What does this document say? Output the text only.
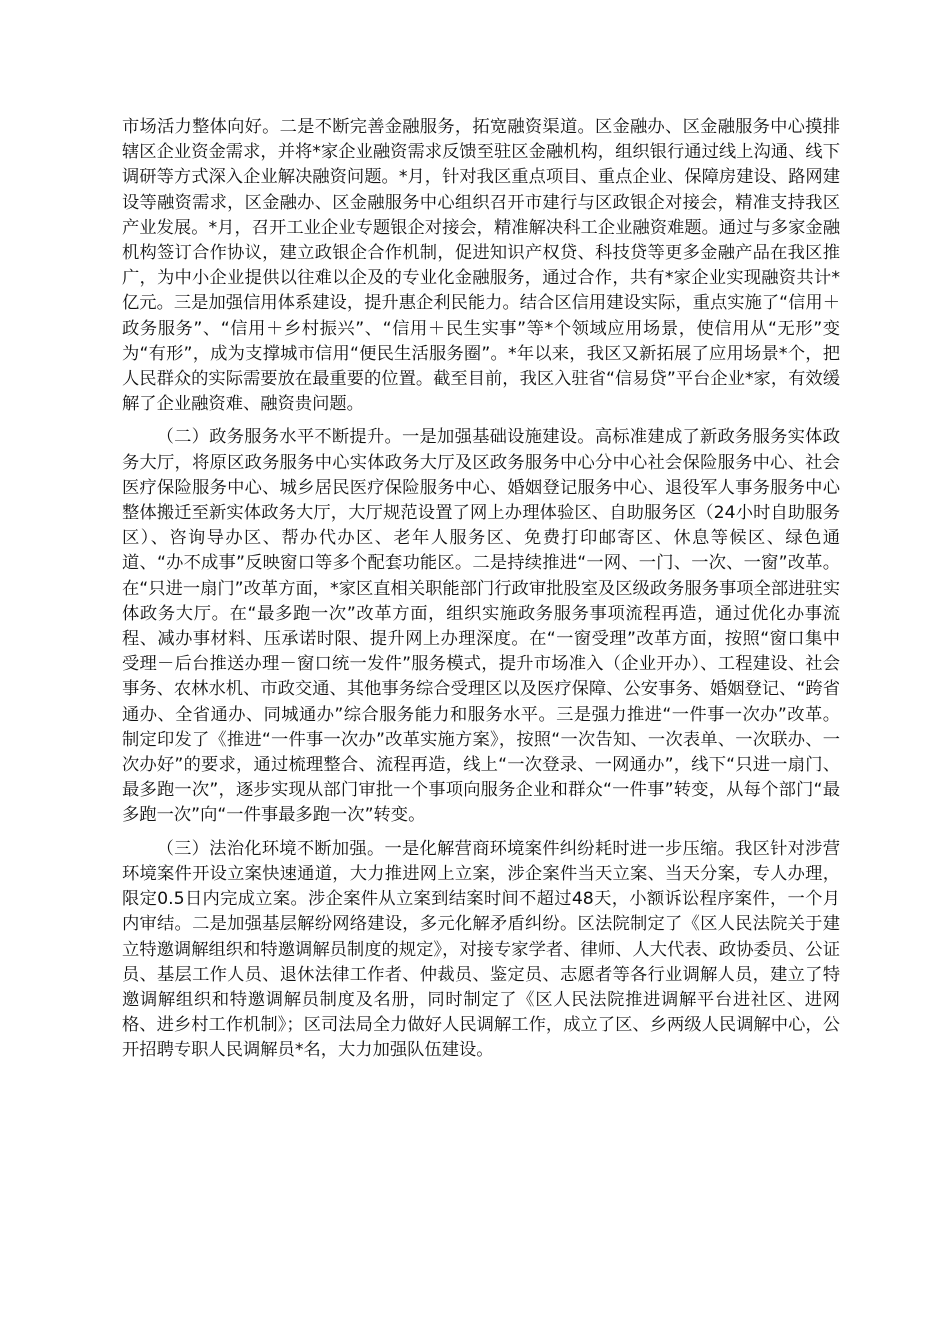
市场活力整体向好。二是不断完善金融服务，拓宽融资渠道。区金融办、区金融服务中心摸排辖区企业资金需求，并将*家企业融资需求反馈至驻区金融机构，组织银行通过线上沟通、线下调研等方式深入企业解决融资问题。*月，针对我区重点项目、重点企业、保障房建设、路网建设等融资需求，区金融办、区金融服务中心组织召开市建行与区政银企对接会，精准支持我区产业发展。*月，召开工业企业专题银企对接会，精准解决科工企业融资难题。通过与多家金融机构签订合作协议，建立政银企合作机制，促进知识产权贷、科技贷等更多金融产品在我区推广，为中小企业提供以往难以企及的专业化金融服务，通过合作，共有*家企业实现融资共计*亿元。三是加强信用体系建设，提升惠企利民能力。结合区信用建设实际，重点实施了“信用＋政务服务”、“信用＋乡村振兴”、“信用＋民生实事”等*个领域应用场景，使信用从“无形”变为“有形”，成为支撑城市信用“便民生活服务圈”。*年以来，我区又新拓展了应用场景*个，把人民群众的实际需要放在最重要的位置。截至目前，我区入驻省“信易贷”平台企业*家，有效缓解了企业融资难、融资贵问题。

（二）政务服务水平不断提升。一是加强基础设施建设。高标准建成了新政务服务实体政务大厅，将原区政务服务中心实体政务大厅及区政务服务中心分中心社会保险服务中心、社会医疗保险服务中心、城乡居民医疗保险服务中心、婚姻登记服务中心、退役军人事务服务中心整体搬迁至新实体政务大厅，大厅规范设置了网上办理体验区、自助服务区（24小时自助服务区）、咨询导办区、帮办代办区、老年人服务区、免费打印邮寄区、休息等候区、绿色通道、“办不成事”反映窗口等多个配套功能区。二是持续推进“一网、一门、一次、一窗”改革。在“只进一扇门”改革方面，*家区直相关职能部门行政审批股室及区级政务服务事项全部进驻实体政务大厅。在“最多跑一次”改革方面，组织实施政务服务事项流程再造，通过优化办事流程、减办事材料、压承诺时限、提升网上办理深度。在“一窗受理”改革方面，按照“窗口集中受理－后台推送办理－窗口统一发件”服务模式，提升市场准入（企业开办）、工程建设、社会事务、农林水机、市政交通、其他事务综合受理区以及医疗保障、公安事务、婚姻登记、“跨省通办、全省通办、同城通办”综合服务能力和服务水平。三是强力推进“一件事一次办”改革。制定印发了《推进“一件事一次办”改革实施方案》，按照“一次告知、一次表单、一次联办、一次办好”的要求，通过梳理整合、流程再造，线上“一次登录、一网通办”，线下“只进一扇门、最多跑一次”，逐步实现从部门审批一个事项向服务企业和群众“一件事”转变，从每个部门“最多跑一次”向“一件事最多跑一次”转变。

（三）法治化环境不断加强。一是化解营商环境案件纠纷耗时进一步压缩。我区针对涉营环境案件开设立案快速通道，大力推进网上立案，涉企案件当天立案、当天分案，专人办理，限定0.5日内完成立案。涉企案件从立案到结案时间不超过48天，小额诉讼程序案件，一个月内审结。二是加强基层解纷网络建设，多元化解矛盾纠纷。区法院制定了《区人民法院关于建立特邀调解组织和特邀调解员制度的规定》，对接专家学者、律师、人大代表、政协委员、公证员、基层工作人员、退休法律工作者、仲裁员、鉴定员、志愿者等各行业调解人员，建立了特邀调解组织和特邀调解员制度及名册，同时制定了《区人民法院推进调解平台进社区、进网格、进乡村工作机制》；区司法局全力做好人民调解工作，成立了区、乡两级人民调解中心，公开招聘专职人民调解员*名，大力加强队伍建设。
